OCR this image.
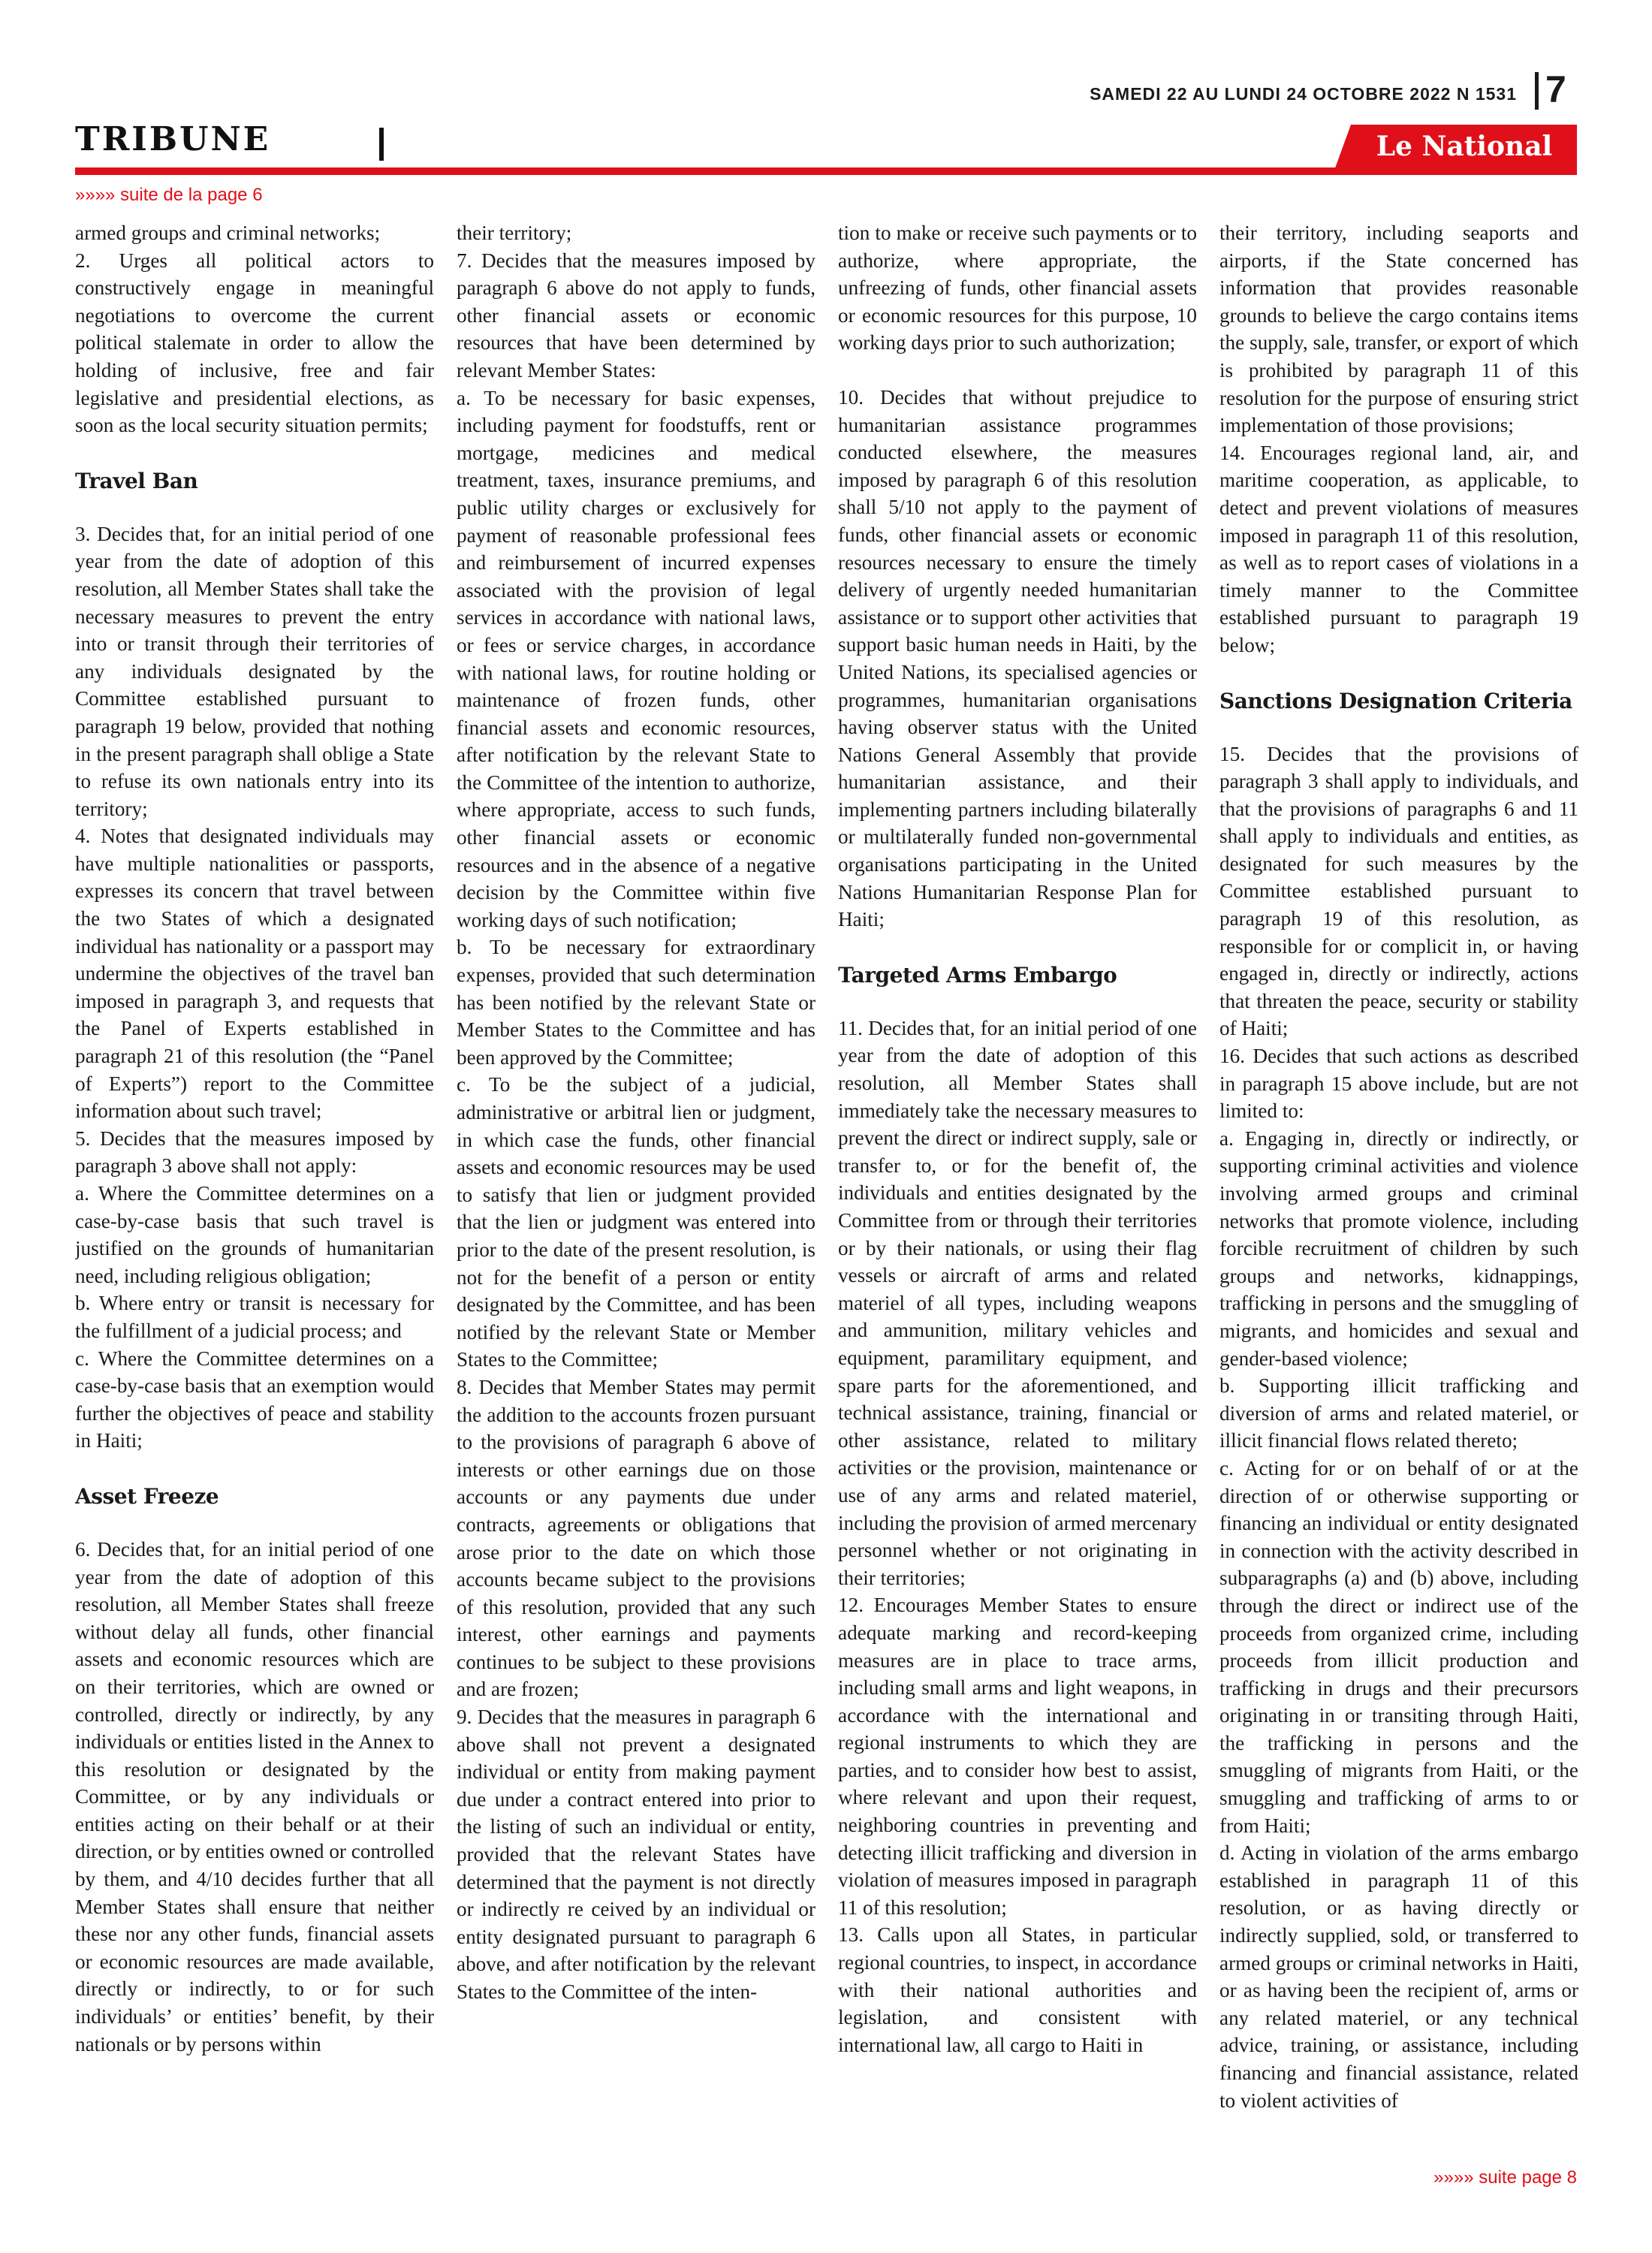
SAMEDI 22 AU LUNDI 24 OCTOBRE 2022 N 1531 7
TRIBUNE	Le National
»»»» suite de la page 6

armed groups and criminal networks;

2. Urges all political actors to constructively engage in meaningful negotiations to overcome the current political stalemate in order to allow the holding of inclusive, free and fair legislative and presidential elections, as soon as the local security situation permits;

Travel Ban

3. Decides that, for an initial period of one year from the date of adoption of this resolution, all Member States shall take the necessary measures to prevent the entry into or transit through their territories of any individuals designated by the Committee established pursuant to paragraph 19 below, provided that nothing in the present paragraph shall oblige a State to refuse its own nationals entry into its territory;

4. Notes that designated individuals may have multiple nationalities or passports, expresses its concern that travel between the two States of which a designated individual has nationality or a passport may undermine the objectives of the travel ban imposed in paragraph 3, and requests that the Panel of Experts established in paragraph 21 of this resolution (the “Panel of Experts”) report to the Committee information about such travel;

5. Decides that the measures imposed by paragraph 3 above shall not apply:

a. Where the Committee determines on a case-by-case basis that such travel is justified on the grounds of humanitarian need, including religious obligation;

b. Where entry or transit is necessary for the fulfillment of a judicial process; and

c. Where the Committee determines on a case-by-case basis that an exemption would further the objectives of peace and stability in Haiti;

Asset Freeze

6. Decides that, for an initial period of one year from the date of adoption of this resolution, all Member States shall freeze without delay all funds, other financial assets and economic resources which are on their territories, which are owned or controlled, directly or indirectly, by any individuals or entities listed in the Annex to this resolution or designated by the Committee, or by any individuals or entities acting on their behalf or at their direction, or by entities owned or controlled by them, and 4/10 decides further that all Member States shall ensure that neither these nor any other funds, financial assets or economic resources are made available, directly or indirectly, to or for such individuals’ or entities’ benefit, by their nationals or by persons within

their territory;

7. Decides that the measures imposed by paragraph 6 above do not apply to funds, other financial assets or economic resources that have been determined by relevant Member States:

a. To be necessary for basic expenses, including payment for foodstuffs, rent or mortgage, medicines and medical treatment, taxes, insurance premiums, and public utility charges or exclusively for payment of reasonable professional fees and reimbursement of incurred expenses associated with the provision of legal services in accordance with national laws, or fees or service charges, in accordance with national laws, for routine holding or maintenance of frozen funds, other financial assets and economic resources, after notification by the relevant State to the Committee of the intention to authorize, where appropriate, access to such funds, other financial assets or economic resources and in the absence of a negative decision by the Committee within five working days of such notification;

b. To be necessary for extraordinary expenses, provided that such determination has been notified by the relevant State or Member States to the Committee and has been approved by the Committee;

c. To be the subject of a judicial, administrative or arbitral lien or judgment, in which case the funds, other financial assets and economic resources may be used to satisfy that lien or judgment provided that the lien or judgment was entered into prior to the date of the present resolution, is not for the benefit of a person or entity designated by the Committee, and has been notified by the relevant State or Member States to the Committee;

8. Decides that Member States may permit the addition to the accounts frozen pursuant to the provisions of paragraph 6 above of interests or other earnings due on those accounts or any payments due under contracts, agreements or obligations that arose prior to the date on which those accounts became subject to the provisions of this resolution, provided that any such interest, other earnings and payments continues to be subject to these provisions and are frozen;

9. Decides that the measures in paragraph 6 above shall not prevent a designated individual or entity from making payment due under a contract entered into prior to the listing of such an individual or entity, provided that the relevant States have determined that the payment is not directly or indirectly re ceived by an individual or entity designated pursuant to paragraph 6 above, and after notification by the relevant States to the Committee of the inten-

tion to make or receive such payments or to authorize, where appropriate, the unfreezing of funds, other financial assets or economic resources for this purpose, 10 working days prior to such authorization;

10. Decides that without prejudice to humanitarian assistance programmes conducted elsewhere, the measures imposed by paragraph 6 of this resolution shall 5/10 not apply to the payment of funds, other financial assets or economic resources necessary to ensure the timely delivery of urgently needed humanitarian assistance or to support other activities that support basic human needs in Haiti, by the United Nations, its specialised agencies or programmes, humanitarian organisations having observer status with the United Nations General Assembly that provide humanitarian assistance, and their implementing partners including bilaterally or multilaterally funded non-governmental organisations participating in the United Nations Humanitarian Response Plan for Haiti;

Targeted Arms Embargo

11. Decides that, for an initial period of one year from the date of adoption of this resolution, all Member States shall immediately take the necessary measures to prevent the direct or indirect supply, sale or transfer to, or for the benefit of, the individuals and entities designated by the Committee from or through their territories or by their nationals, or using their flag vessels or aircraft of arms and related materiel of all types, including weapons and ammunition, military vehicles and equipment, paramilitary equipment, and spare parts for the aforementioned, and technical assistance, training, financial or other assistance, related to military activities or the provision, maintenance or use of any arms and related materiel, including the provision of armed mercenary personnel whether or not originating in their territories;

12. Encourages Member States to ensure adequate marking and record-keeping measures are in place to trace arms, including small arms and light weapons, in accordance with the international and regional instruments to which they are parties, and to consider how best to assist, where relevant and upon their request, neighboring countries in preventing and detecting illicit trafficking and diversion in violation of measures imposed in paragraph 11 of this resolution;

13. Calls upon all States, in particular regional countries, to inspect, in accordance with their national authorities and legislation, and consistent with international law, all cargo to Haiti in

their territory, including seaports and airports, if the State concerned has information that provides reasonable grounds to believe the cargo contains items the supply, sale, transfer, or export of which is prohibited by paragraph 11 of this resolution for the purpose of ensuring strict implementation of those provisions;

14. Encourages regional land, air, and maritime cooperation, as applicable, to detect and prevent violations of measures imposed in paragraph 11 of this resolution, as well as to report cases of violations in a timely manner to the Committee established pursuant to paragraph 19 below;

Sanctions Designation Criteria

15. Decides that the provisions of paragraph 3 shall apply to individuals, and that the provisions of paragraphs 6 and 11 shall apply to individuals and entities, as designated for such measures by the Committee established pursuant to paragraph 19 of this resolution, as responsible for or complicit in, or having engaged in, directly or indirectly, actions that threaten the peace, security or stability of Haiti;

16. Decides that such actions as described in paragraph 15 above include, but are not limited to:

a. Engaging in, directly or indirectly, or supporting criminal activities and violence involving armed groups and criminal networks that promote violence, including forcible recruitment of children by such groups and networks, kidnappings, trafficking in persons and the smuggling of migrants, and homicides and sexual and gender-based violence;

b. Supporting illicit trafficking and diversion of arms and related materiel, or illicit financial flows related thereto;

c. Acting for or on behalf of or at the direction of or otherwise supporting or financing an individual or entity designated in connection with the activity described in subparagraphs (a) and (b) above, including through the direct or indirect use of the proceeds from organized crime, including proceeds from illicit production and trafficking in drugs and their precursors originating in or transiting through Haiti, the trafficking in persons and the smuggling of migrants from Haiti, or the smuggling and trafficking of arms to or from Haiti;

d. Acting in violation of the arms embargo established in paragraph 11 of this resolution, or as having directly or indirectly supplied, sold, or transferred to armed groups or criminal networks in Haiti, or as having been the recipient of, arms or any related materiel, or any technical advice, training, or assistance, including financing and financial assistance, related to violent activities of

»»»» suite page 8
